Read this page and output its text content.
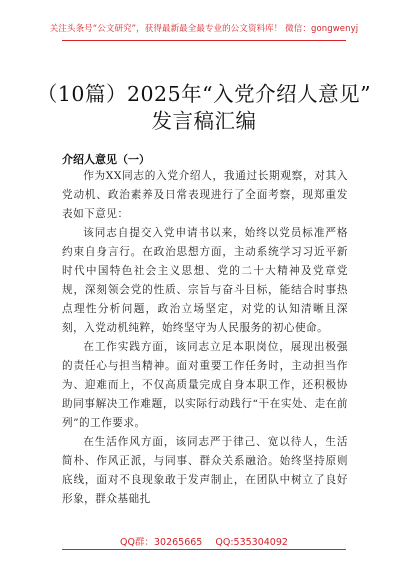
关注头条号“公文研究”，获得最新最全最专业的公文资料库！ 微信：gongwenyj
（10篇）2025年“入党介绍人意见”
发言稿汇编
介绍人意见（一）

作为XX同志的入党介绍人，我通过长期观察，对其入党动机、政治素养及日常表现进行了全面考察，现郑重发表如下意见：

该同志自提交入党申请书以来，始终以党员标准严格约束自身言行。在政治思想方面，主动系统学习习近平新时代中国特色社会主义思想、党的二十大精神及党章党规，深刻领会党的性质、宗旨与奋斗目标，能结合时事热点理性分析问题，政治立场坚定，对党的认知清晰且深刻，入党动机纯粹，始终坚守为人民服务的初心使命。

在工作实践方面，该同志立足本职岗位，展现出极强的责任心与担当精神。面对重要工作任务时，主动担当作为、迎难而上，不仅高质量完成自身本职工作，还积极协助同事解决工作难题，以实际行动践行“干在实处、走在前列”的工作要求。

在生活作风方面，该同志严于律己、宽以待人，生活简朴、作风正派，与同事、群众关系融洽。始终坚持原则底线，面对不良现象敢于发声制止，在团队中树立了良好形象，群众基础扎

QQ群：30265665 QQ:535304092
